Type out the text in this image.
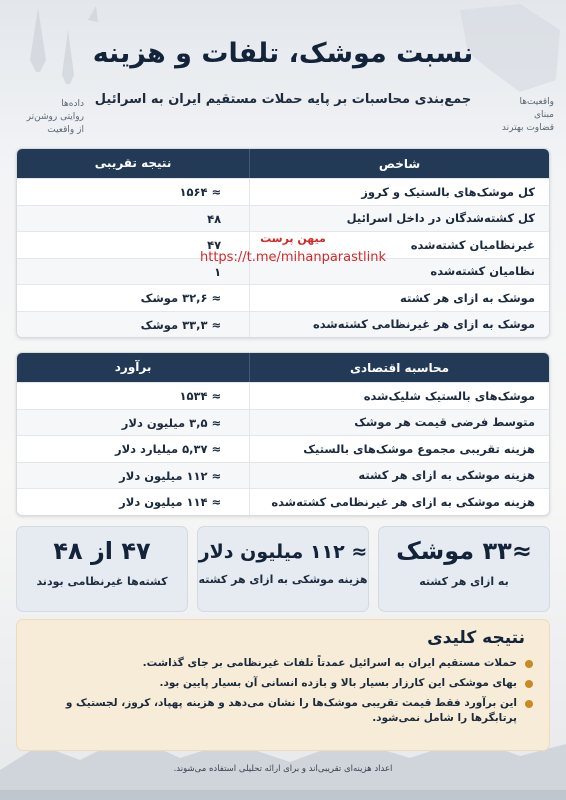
نسبت موشک، تلفات و هزینه
جمع‌بندی محاسبات بر پایه حملات مستقیم ایران به اسرائیل
داده‌ها
روایتی روشن‌تر
از واقعیت
واقعیت‌ها
مبنای
قضاوت بهترند
شاخص
نتیجه تقریبی
کل موشک‌های بالستیک و کروز
≈ ۱۵۶۴
کل کشته‌شدگان در داخل اسرائیل
۴۸
غیرنظامیان کشته‌شده
۴۷
نظامیان کشته‌شده
۱
موشک به ازای هر کشته
≈ ۳۲,۶ موشک
موشک به ازای هر غیرنظامی کشته‌شده
≈ ۳۳,۳ موشک
میهن پرست
https://t.me/mihanparastlink
محاسبه اقتصادی
برآورد
موشک‌های بالستیک شلیک‌شده
≈ ۱۵۳۴
متوسط فرضی قیمت هر موشک
≈ ۳,۵ میلیون دلار
هزینه تقریبی مجموع موشک‌های بالستیک
≈ ۵,۳۷ میلیارد دلار
هزینه موشکی به ازای هر کشته
≈ ۱۱۲ میلیون دلار
هزینه موشکی به ازای هر غیرنظامی کشته‌شده
≈ ۱۱۴ میلیون دلار
≈۳۳ موشک
به ازای هر کشته
≈ ۱۱۲ میلیون دلار
هزینه موشکی به ازای هر کشته
۴۷ از ۴۸
کشته‌ها غیرنظامی بودند
نتیجه کلیدی
حملات مستقیم ایران به اسرائیل عمدتاً تلفات غیرنظامی بر جای گذاشت.
بهای موشکی این کارزار بسیار بالا و بازده انسانی آن بسیار پایین بود.
این برآورد فقط قیمت تقریبی موشک‌ها را نشان می‌دهد و هزینه پهپاد، کروز، لجستیک و پرتابگرها را شامل نمی‌شود.
اعداد هزینه‌ای تقریبی‌اند و برای ارائه تحلیلی استفاده می‌شوند.
